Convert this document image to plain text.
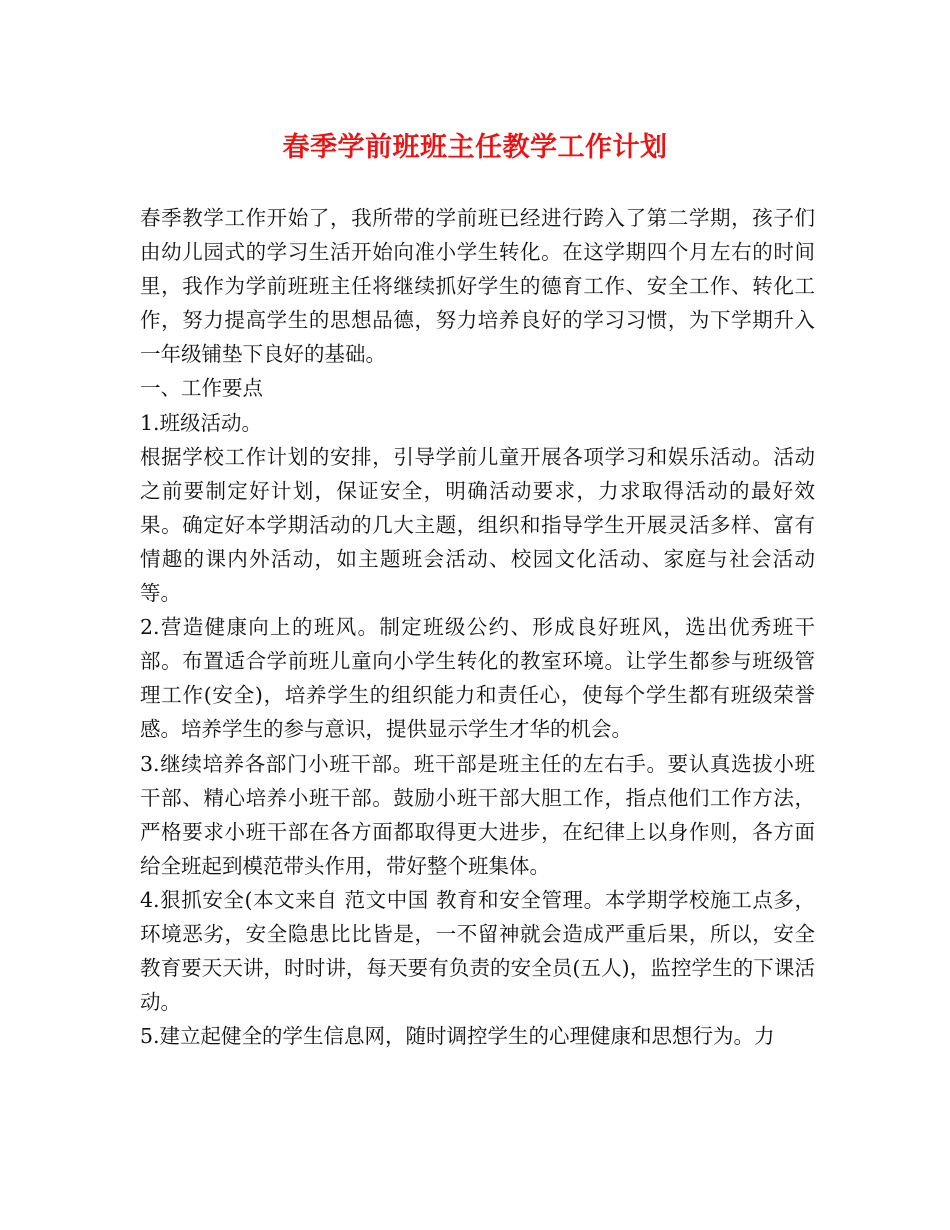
春季学前班班主任教学工作计划

春季教学工作开始了，我所带的学前班已经进行跨入了第二学期，孩子们由幼儿园式的学习生活开始向准小学生转化。在这学期四个月左右的时间里，我作为学前班班主任将继续抓好学生的德育工作、安全工作、转化工作，努力提高学生的思想品德，努力培养良好的学习习惯，为下学期升入一年级铺垫下良好的基础。

一、工作要点

1.班级活动。

根据学校工作计划的安排，引导学前儿童开展各项学习和娱乐活动。活动之前要制定好计划，保证安全，明确活动要求，力求取得活动的最好效果。确定好本学期活动的几大主题，组织和指导学生开展灵活多样、富有情趣的课内外活动，如主题班会活动、校园文化活动、家庭与社会活动等。

2.营造健康向上的班风。制定班级公约、形成良好班风，选出优秀班干部。布置适合学前班儿童向小学生转化的教室环境。让学生都参与班级管理工作(安全)，培养学生的组织能力和责任心，使每个学生都有班级荣誉感。培养学生的参与意识，提供显示学生才华的机会。

3.继续培养各部门小班干部。班干部是班主任的左右手。要认真选拔小班干部、精心培养小班干部。鼓励小班干部大胆工作，指点他们工作方法，严格要求小班干部在各方面都取得更大进步，在纪律上以身作则，各方面给全班起到模范带头作用，带好整个班集体。

4.狠抓安全(本文来自 范文中国 教育和安全管理。本学期学校施工点多，环境恶劣，安全隐患比比皆是，一不留神就会造成严重后果，所以，安全教育要天天讲，时时讲，每天要有负责的安全员(五人)，监控学生的下课活动。

5.建立起健全的学生信息网，随时调控学生的心理健康和思想行为。力
